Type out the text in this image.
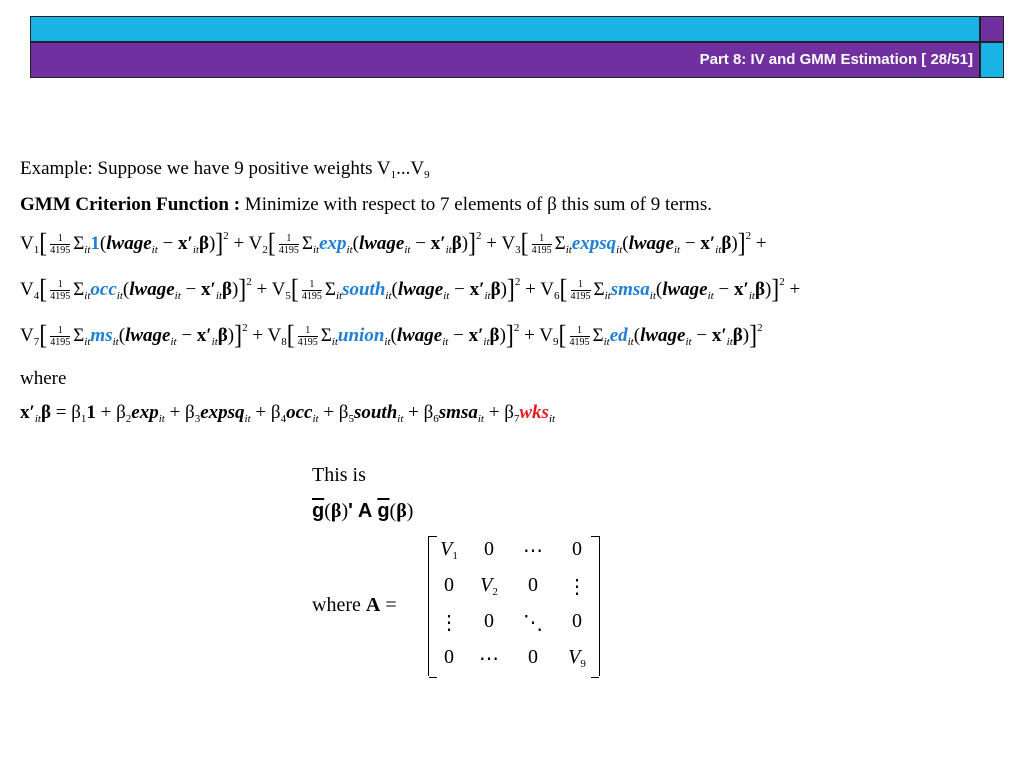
Part 8: IV and GMM Estimation [ 28/51]
Example: Suppose we have 9 positive weights $V_1...V_9$
GMM Criterion Function : Minimize with respect to 7 elements of β this sum of 9 terms.
$V_1[ \frac{1}{4195}$ $\Sigma_{it}1(lwage_{it} - x'_{it}\beta)]^2 + V_2[ \frac{1}{4195}$ $\Sigma_{it}\exp_{it}(lwage_{it} - x'_{it}\beta)]^2 + V_3[ \frac{1}{4195}$ $\Sigma_{it}expsq_{it}(lwage_{it} - x'_{it}\beta)]^2$ +
$V_4[ \frac{1}{4195}$ $\Sigma_{it}occ_{it}(lwage_{it} - x'_{it}\beta)]^2 + V_5[ \frac{1}{4195}$ $\Sigma_{it}south_{it}(lwage_{it} - x'_{it}\beta)]^2 + V_6[ \frac{1}{4195}$ $\Sigma_{it}smsa_{it}(lwage_{it} - x'_{it}\beta)]^2$ +
$V_7[ \frac{1}{4195}$ $\Sigma_{it}ms_{it}(lwage_{it} - x'_{it}\beta)]^2 + V_8[ \frac{1}{4195}$ $\Sigma_{it}union_{it}(lwage_{it} - x'_{it}\beta)]^2 + V_9[ \frac{1}{4195}$ $\Sigma_{it}ed_{it}(lwage_{it} - x'_{it}\beta)]^2$
where
$x'_{it}\beta = \beta_11 + \beta_2\exp_{it}$ + $\beta_3expsq_{it} + \beta_4occ_{it}$ + $\beta_5south_{it}$ + $\beta_6smsa_{it} + \beta_7wks_{it}$
This is
$\overline{g}(\beta)'$ A $\overline{g}(\beta)$
where A =
$V_1$	0	⋯	0
0	$V_2$	0	⋮
⋮	0	⋱	0
0	⋯	0	$V_9$
